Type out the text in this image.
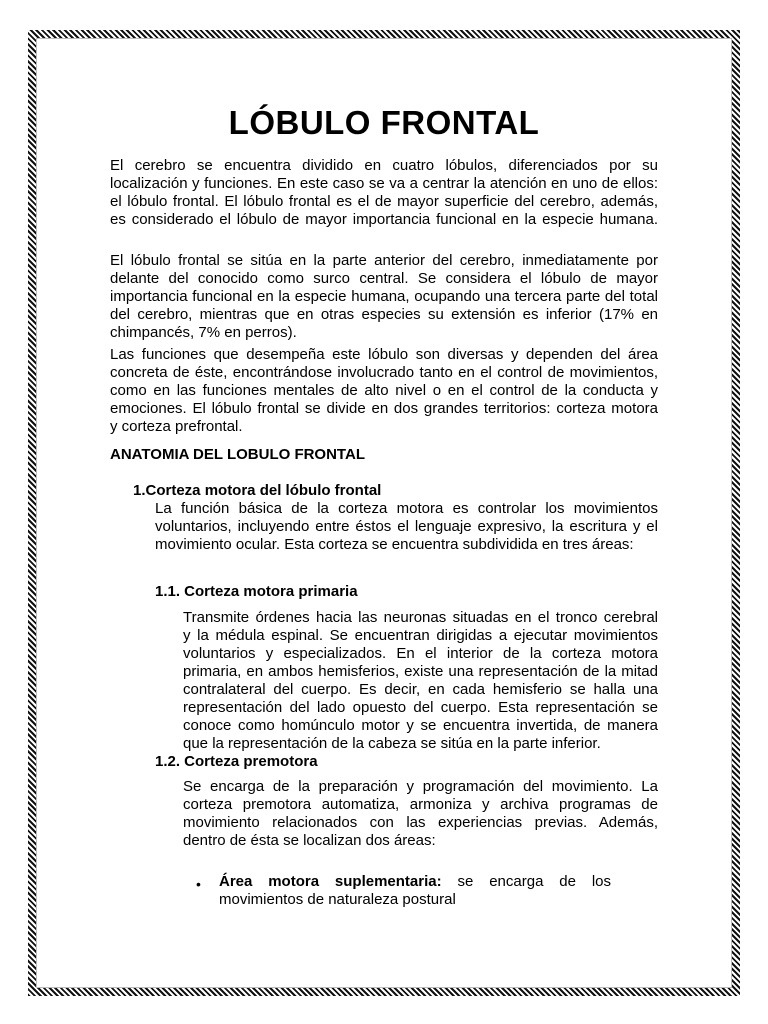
LÓBULO FRONTAL
El cerebro se encuentra dividido en cuatro lóbulos, diferenciados por su
localización y funciones. En este caso se va a centrar la atención en uno de ellos:
el lóbulo frontal. El lóbulo frontal es el de mayor superficie del cerebro, además,
es considerado el lóbulo de mayor importancia funcional en la especie humana.
El lóbulo frontal se sitúa en la parte anterior del cerebro, inmediatamente por
delante del conocido como surco central. Se considera el lóbulo de mayor
importancia funcional en la especie humana, ocupando una tercera parte del total
del cerebro, mientras que en otras especies su extensión es inferior (17% en
chimpancés, 7% en perros).
Las funciones que desempeña este lóbulo son diversas y dependen del área
concreta de éste, encontrándose involucrado tanto en el control de movimientos,
como en las funciones mentales de alto nivel o en el control de la conducta y
emociones. El lóbulo frontal se divide en dos grandes territorios: corteza motora
y corteza prefrontal.
ANATOMIA DEL LOBULO FRONTAL
1.Corteza motora del lóbulo frontal
La función básica de la corteza motora es controlar los movimientos
voluntarios, incluyendo entre éstos el lenguaje expresivo, la escritura y el
movimiento ocular. Esta corteza se encuentra subdividida en tres áreas:
1.1. Corteza motora primaria
Transmite órdenes hacia las neuronas situadas en el tronco cerebral
y la médula espinal. Se encuentran dirigidas a ejecutar movimientos
voluntarios y especializados. En el interior de la corteza motora
primaria, en ambos hemisferios, existe una representación de la mitad
contralateral del cuerpo. Es decir, en cada hemisferio se halla una
representación del lado opuesto del cuerpo. Esta representación se
conoce como homúnculo motor y se encuentra invertida, de manera
que la representación de la cabeza se sitúa en la parte inferior.
1.2. Corteza premotora
Se encarga de la preparación y programación del movimiento. La
corteza premotora automatiza, armoniza y archiva programas de
movimiento relacionados con las experiencias previas. Además,
dentro de ésta se localizan dos áreas:
• Área motora suplementaria: se encarga de los
movimientos de naturaleza postural
